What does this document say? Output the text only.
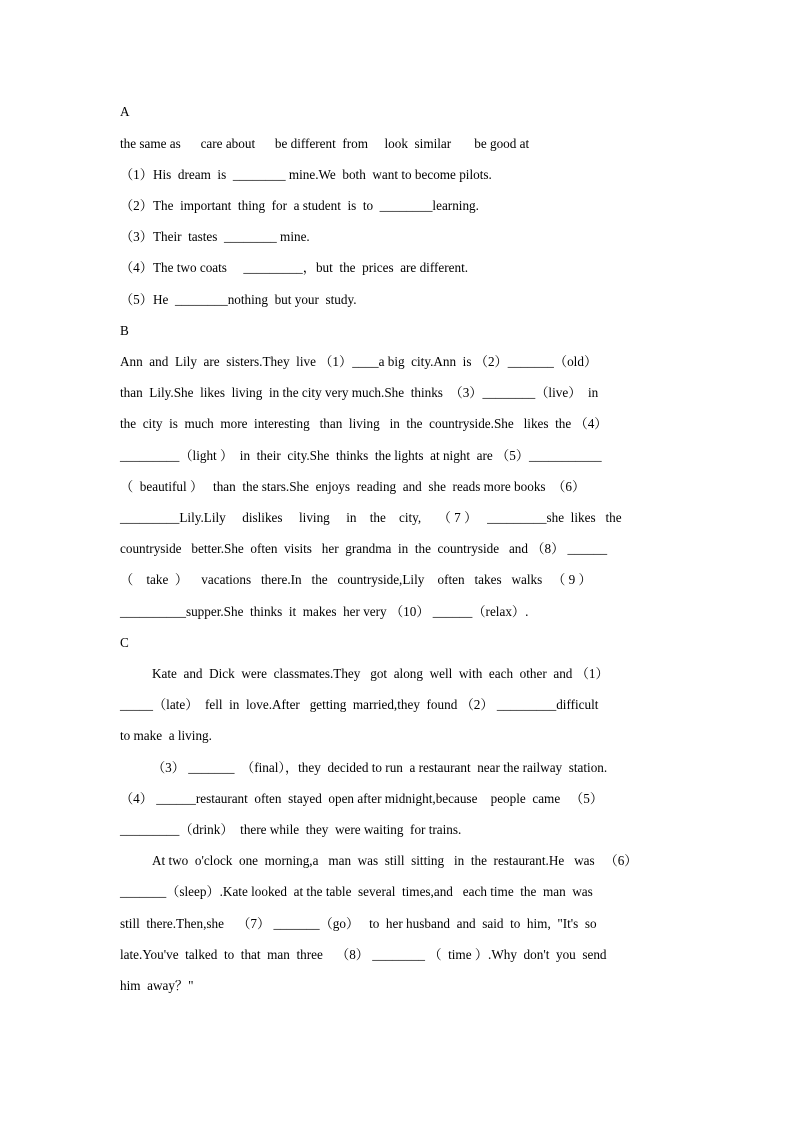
A
the same as      care about      be different  from     look  similar       be good at
（1）His  dream  is  ________ mine.We  both  want to become pilots.
（2）The  important  thing  for  a student  is  to  ________learning.
（3）Their  tastes  ________ mine.
（4）The two coats     _________，but  the  prices  are different.
（5）He  ________nothing  but your  study.
B
Ann  and  Lily  are  sisters.They  live （1）____a big  city.Ann  is （2）_______（old）
than  Lily.She  likes  living  in the city very much.She  thinks  （3）________（live）  in
the  city  is  much  more  interesting   than  living   in  the  countryside.She   likes  the （4）
_________（light ）  in  their  city.She  thinks  the lights  at night  are （5）___________
（  beautiful ）   than  the stars.She  enjoys  reading  and  she  reads more books  （6）
_________Lily.Lily     dislikes     living     in    the    city,     （ 7 ）   _________she  likes   the
countryside   better.She  often  visits   her  grandma  in  the  countryside   and （8） ______
（    take  ）    vacations   there.In   the   countryside,Lily    often   takes   walks   （ 9 ）
__________supper.She  thinks  it  makes  her very （10） ______（relax）.
C
Kate  and  Dick  were  classmates.They   got  along  well  with  each  other  and （1）
_____（late）  fell  in  love.After   getting  married,they  found （2） _________difficult
to make  a living.
（3） _______  （final），they  decided to run  a restaurant  near the railway  station.
（4） ______restaurant  often  stayed  open after midnight,because    people  came   （5）
_________（drink）  there while  they  were waiting  for trains.
At two  o'clock  one  morning,a   man  was  still  sitting   in  the  restaurant.He   was   （6）
_______（sleep）.Kate looked  at the table  several  times,and   each time  the  man  was
still  there.Then,she    （7） _______（go）   to  her husband  and  said  to  him,  "It's  so
late.You've  talked  to  that  man  three    （8） ________ （  time ）.Why  don't  you  send
him  away？"
